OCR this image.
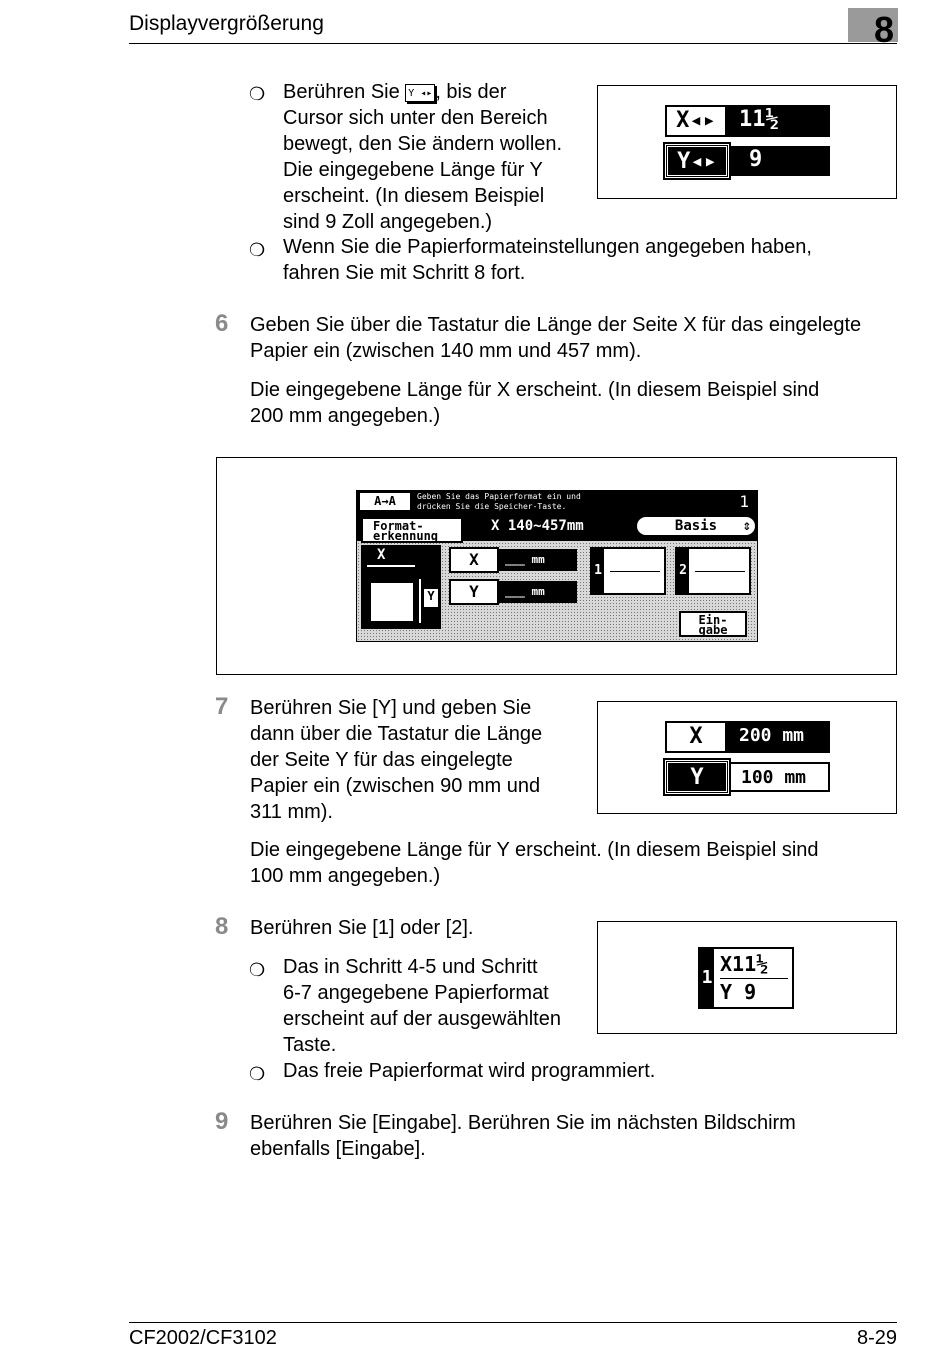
Displayvergrößerung	8
❍ Berühren Sie Y ◂▸ , bis der
Cursor sich unter den Bereich
bewegt, den Sie ändern wollen.
Die eingegebene Länge für Y
erscheint. (In diesem Beispiel
sind 9 Zoll angegeben.)
X◂▸	11½
Y◂▸	9
❍ Wenn Sie die Papierformateinstellungen angegeben haben,
fahren Sie mit Schritt 8 fort.
6 Geben Sie über die Tastatur die Länge der Seite X für das eingelegte
Papier ein (zwischen 140 mm und 457 mm).
Die eingegebene Länge für X erscheint. (In diesem Beispiel sind
200 mm angegeben.)
A→A	Geben Sie das Papierformat ein und
drücken Sie die Speicher-Taste.	1
Format-
erkennung
X 140~457mm	Basis ⇕
X
Y
X	___ mm
Y	___ mm
1	2
Ein-
gabe
7 Berühren Sie [Y] und geben Sie
dann über die Tastatur die Länge
der Seite Y für das eingelegte
Papier ein (zwischen 90 mm und
311 mm).
X	200 mm
Y	100 mm
Die eingegebene Länge für Y erscheint. (In diesem Beispiel sind
100 mm angegeben.)
8 Berühren Sie [1] oder [2].
❍ Das in Schritt 4-5 und Schritt
6-7 angegebene Papierformat
erscheint auf der ausgewählten
Taste.
❍ Das freie Papierformat wird programmiert.
1
X11½
Y 9
9 Berühren Sie [Eingabe]. Berühren Sie im nächsten Bildschirm
ebenfalls [Eingabe].
CF2002/CF3102	8-29
